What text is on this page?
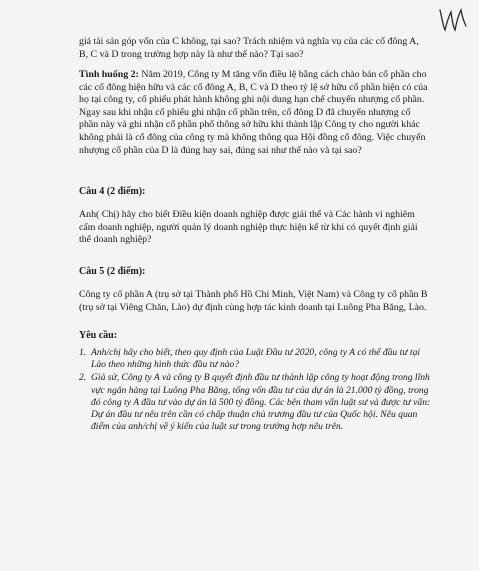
giá tài sản góp vốn của C không, tại sao? Trách nhiệm và nghĩa vụ của các cổ đông A, B, C và D trong trường hợp này là như thế nào? Tại sao?

Tình huống 2: Năm 2019, Công ty M tăng vốn điều lệ bằng cách chào bán cổ phần cho các cổ đông hiện hữu và các cổ đông A, B, C và D theo tỷ lệ sở hữu cổ phần hiện có của họ tại công ty, cổ phiếu phát hành không ghi nội dung hạn chế chuyển nhượng cổ phần. Ngay sau khi nhận cổ phiếu ghi nhận cổ phần trên, cổ đông D đã chuyển nhượng cổ phần này và ghi nhận cổ phần phổ thông sở hữu khi thành lập Công ty cho người khác không phải là cổ đông của công ty mà không thông qua Hội đồng cổ đông. Việc chuyển nhượng cổ phần của D là đúng hay sai, đúng sai như thế nào và tại sao?

Câu 4 (2 điểm):

Anh( Chị) hãy cho biết Điều kiện doanh nghiệp được giải thể và Các hành vi nghiêm cấm doanh nghiệp, người quản lý doanh nghiệp thực hiện kể từ khi có quyết định giải thể doanh nghiệp?

Câu 5 (2 điểm):

Công ty cổ phần A (trụ sở tại Thành phố Hồ Chí Minh, Việt Nam) và Công ty cổ phần B (trụ sở tại Viêng Chăn, Lào) dự định cùng hợp tác kinh doanh tại Luông Pha Băng, Lào.

Yêu cầu:

1. Anh/chị hãy cho biết, theo quy định của Luật Đầu tư 2020, công ty A có thể đầu tư tại Lào theo những hình thức đầu tư nào?
2. Giả sử, Công ty A và công ty B quyết định đầu tư thành lập công ty hoạt động trong lĩnh vực ngân hàng tại Luông Pha Băng, tổng vốn đầu tư của dự án là 21.000 tỷ đồng, trong đó công ty A đầu tư vào dự án là 500 tỷ đồng. Các bên tham vấn luật sư và được tư vấn: Dự án đầu tư nêu trên cần có chấp thuận chủ trương đầu tư của Quốc hội. Nêu quan điểm của anh/chị về ý kiến của luật sư trong trường hợp nêu trên.
